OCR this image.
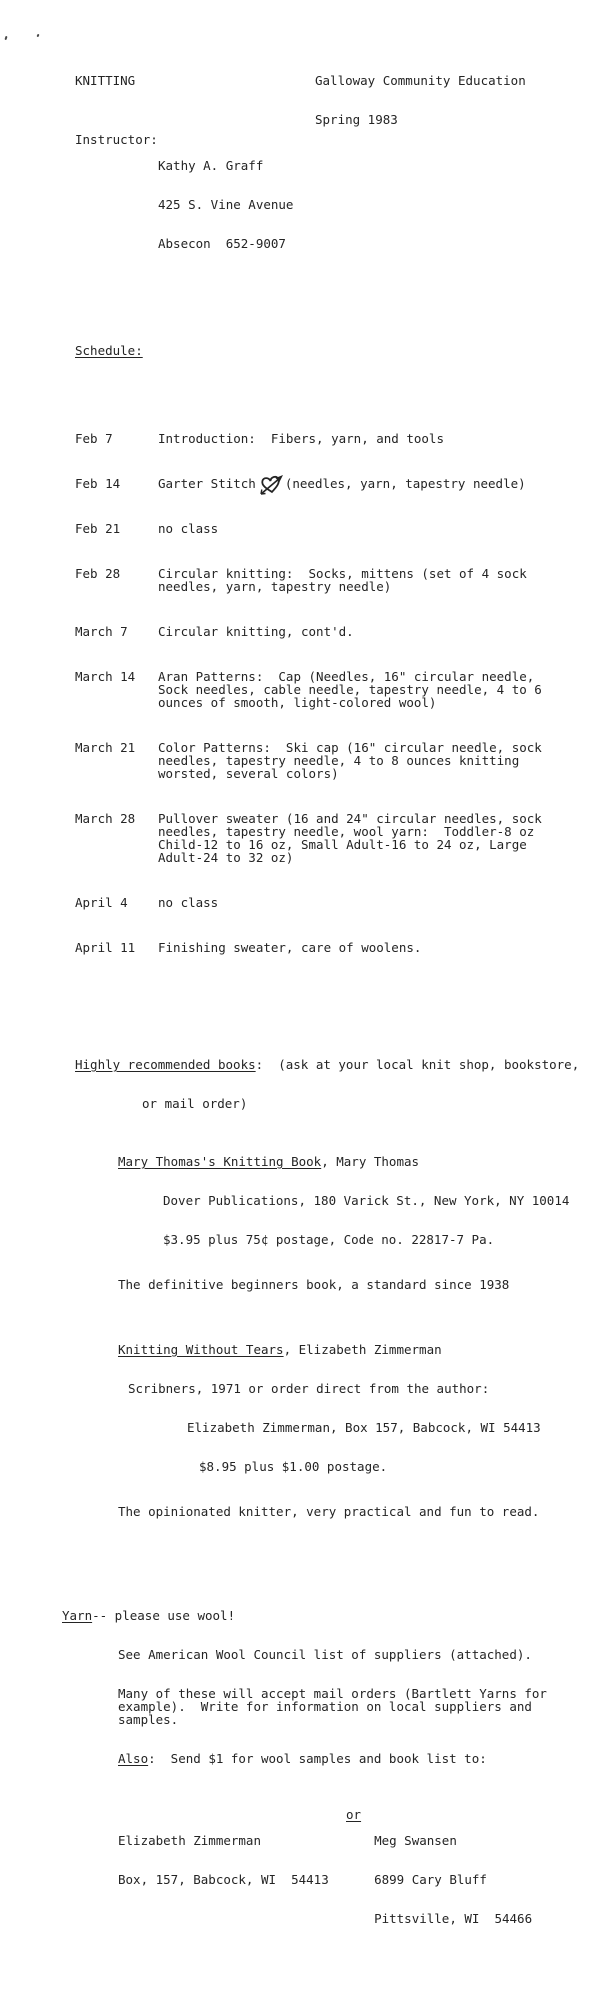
Galloway Community Education

Spring 1983

KNITTING

Instructor:

Kathy A. Graff

425 S. Vine Avenue

Absecon  652-9007

Schedule:

Feb 7	Introduction:  Fibers, yarn, and tools

Feb 14	Garter Stitch (needles, yarn, tapestry needle)

Feb 21	no class

Feb 28	Circular knitting:  Socks, mittens (set of 4 sock needles, yarn, tapestry needle)

March 7	Circular knitting, cont'd.

March 14	Aran Patterns:  Cap (Needles, 16" circular needle, Sock needles, cable needle, tapestry needle, 4 to 6 ounces of smooth, light-colored wool)

March 21	Color Patterns:  Ski cap (16" circular needle, sock needles, tapestry needle, 4 to 8 ounces knitting worsted, several colors)

March 28	Pullover sweater (16 and 24" circular needles, sock needles, tapestry needle, wool yarn:  Toddler-8 oz Child-12 to 16 oz, Small Adult-16 to 24 oz, Large Adult-24 to 32 oz)

April 4	no class

April 11	Finishing sweater, care of woolens.

Highly recommended books:  (ask at your local knit shop, bookstore,

or mail order)

Mary Thomas's Knitting Book, Mary Thomas

Dover Publications, 180 Varick St., New York, NY 10014

$3.95 plus 75¢ postage, Code no. 22817-7 Pa.

The definitive beginners book, a standard since 1938

Knitting Without Tears, Elizabeth Zimmerman

Scribners, 1971 or order direct from the author:

Elizabeth Zimmerman, Box 157, Babcock, WI 54413

$8.95 plus $1.00 postage.

The opinionated knitter, very practical and fun to read.

Yarn-- please use wool!

See American Wool Council list of suppliers (attached).

Many of these will accept mail orders (Bartlett Yarns for example).  Write for information on local suppliers and samples.

Also:  Send $1 for wool samples and book list to:

Elizabeth Zimmerman

Box, 157, Babcock, WI  54413

or

Meg Swansen

6899 Cary Bluff

Pittsville, WI  54466
